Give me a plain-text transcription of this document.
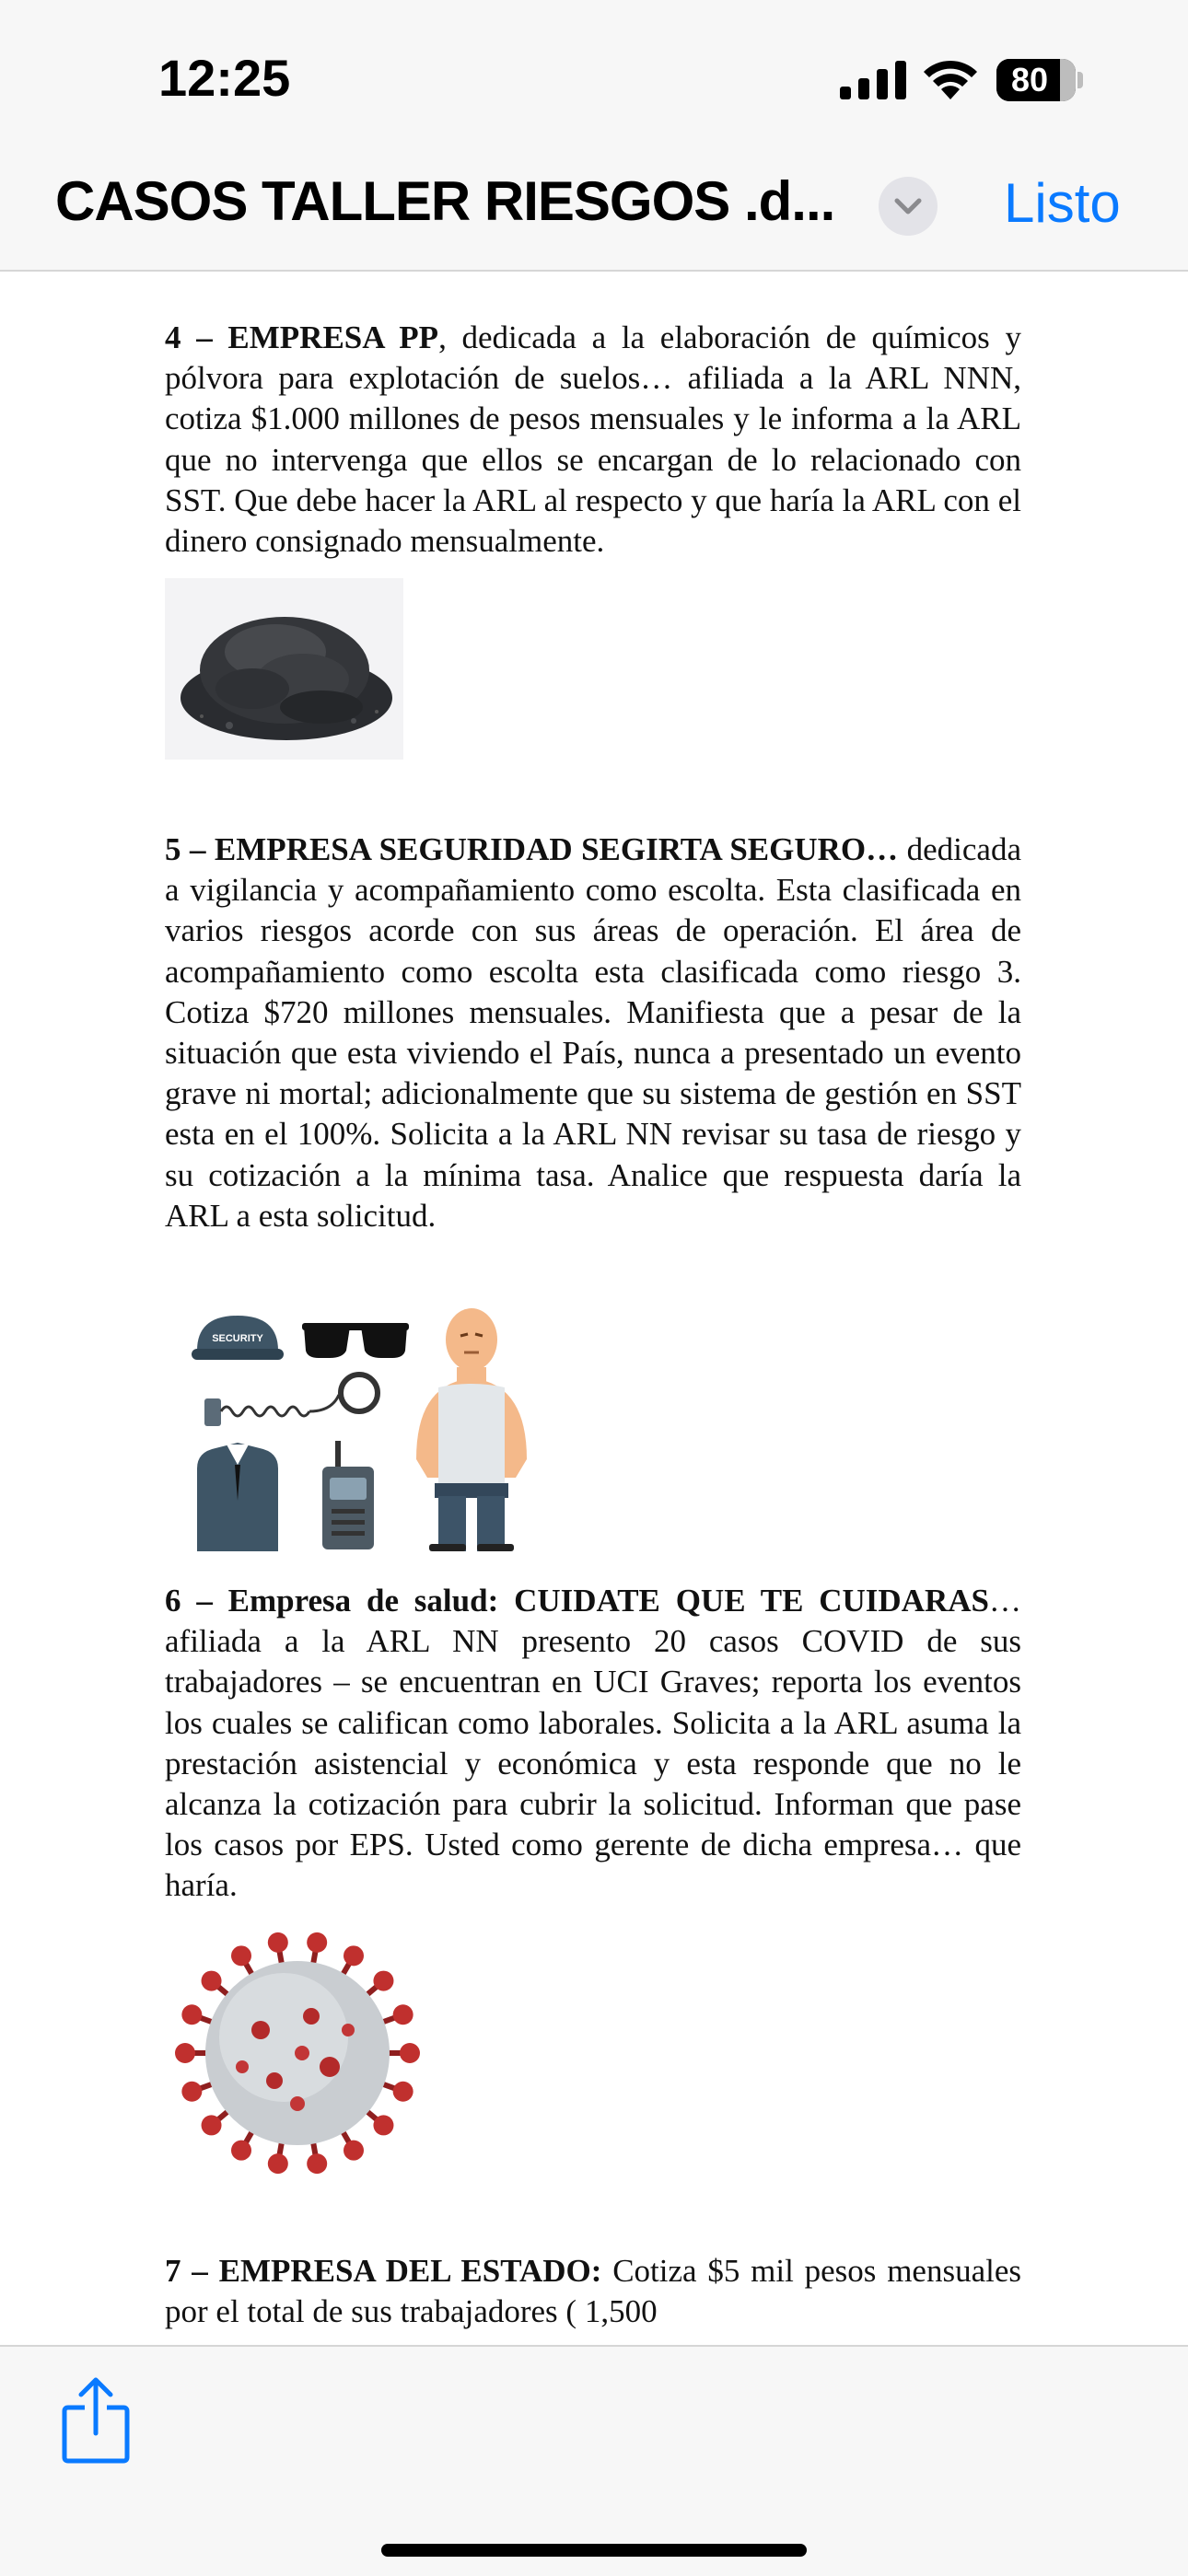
12:25	80
CASOS TALLER RIESGOS .d...	Listo

4 – EMPRESA PP, dedicada a la elaboración de químicos y pólvora para explotación de suelos… afiliada a la ARL NNN, cotiza $1.000 millones de pesos mensuales y le informa a la ARL que no intervenga que ellos se encargan de lo relacionado con SST. Que debe hacer la ARL al respecto y que haría la ARL con el dinero consignado mensualmente.

5 – EMPRESA SEGURIDAD SEGIRTA SEGURO… dedicada a vigilancia y acompañamiento como escolta. Esta clasificada en varios riesgos acorde con sus áreas de operación. El área de acompañamiento como escolta esta clasificada como riesgo 3. Cotiza $720 millones mensuales. Manifiesta que a pesar de la situación que esta viviendo el País, nunca a presentado un evento grave ni mortal; adicionalmente que su sistema de gestión en SST esta en el 100%. Solicita a la ARL NN revisar su tasa de riesgo y su cotización a la mínima tasa. Analice que respuesta daría la ARL a esta solicitud.

SECURITY

6 – Empresa de salud: CUIDATE QUE TE CUIDARAS… afiliada a la ARL NN presento 20 casos COVID de sus trabajadores – se encuentran en UCI Graves; reporta los eventos los cuales se califican como laborales. Solicita a la ARL asuma la prestación asistencial y económica y esta responde que no le alcanza la cotización para cubrir la solicitud. Informan que pase los casos por EPS. Usted como gerente de dicha empresa… que haría.

7 – EMPRESA DEL ESTADO: Cotiza $5 mil pesos mensuales por el total de sus trabajadores ( 1,500
